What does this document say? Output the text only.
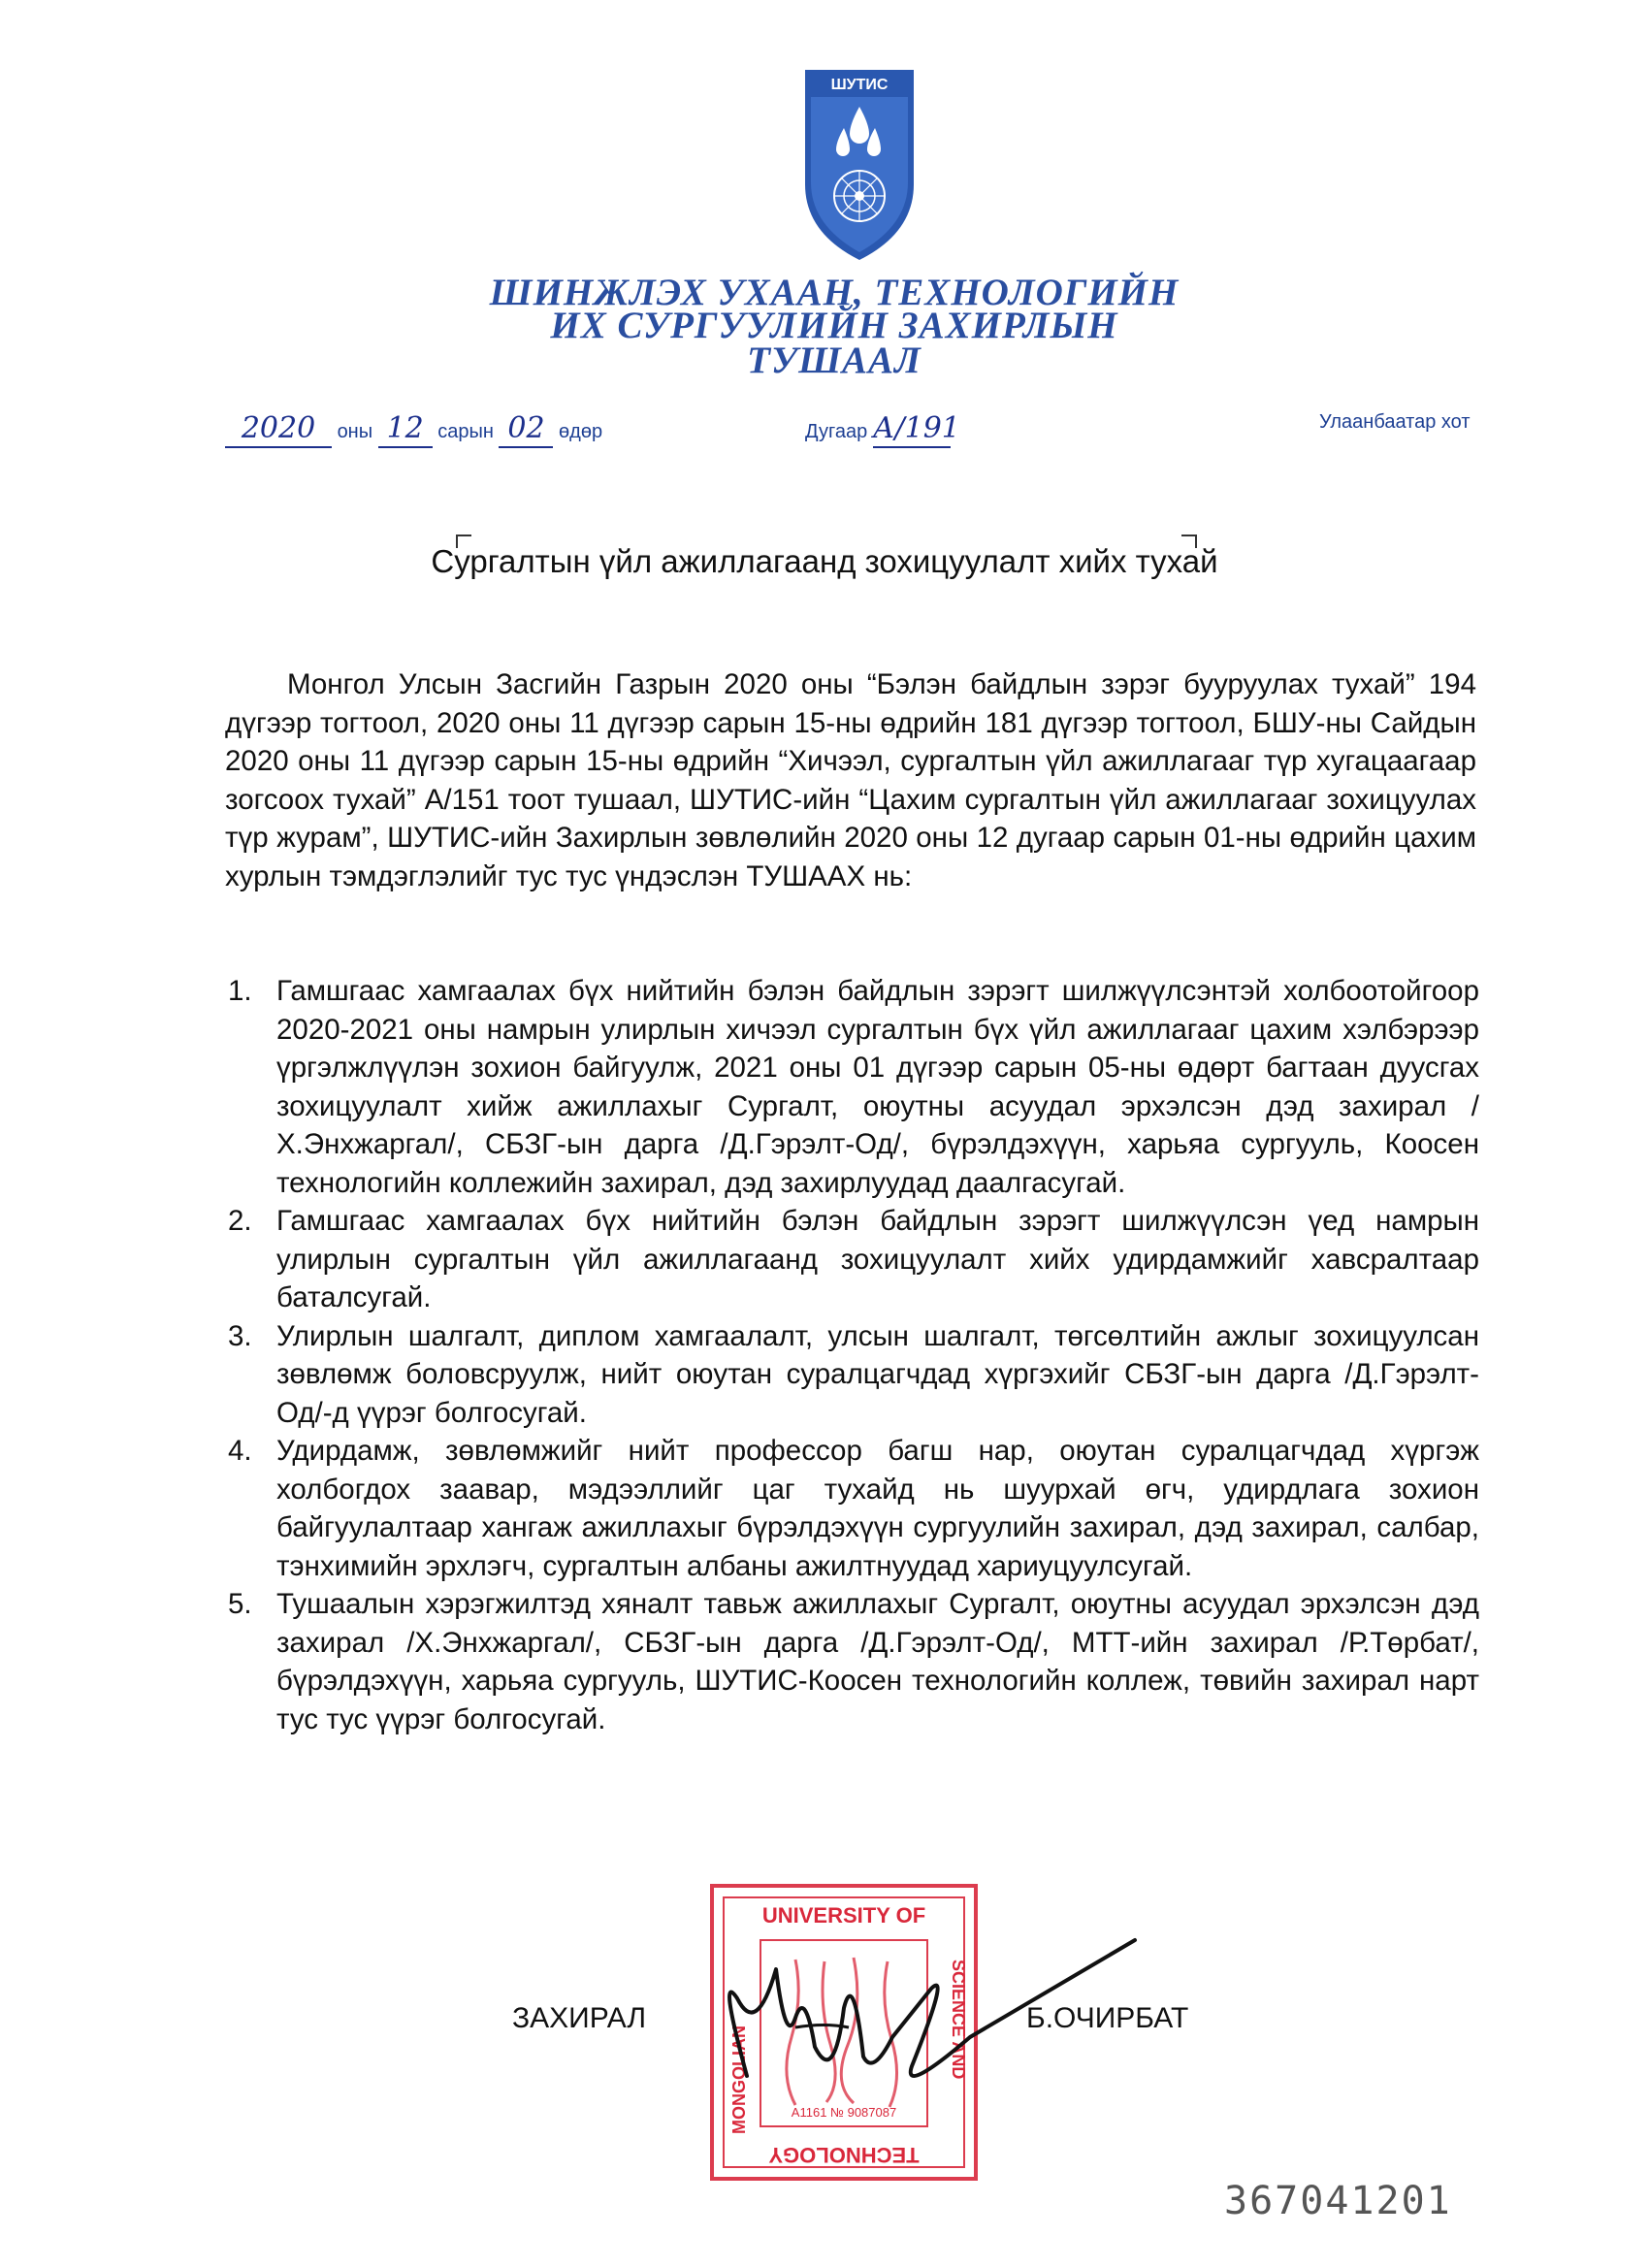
ШУТИС
ШИНЖЛЭХ УХААН, ТЕХНОЛОГИЙН
ИХ СУРГУУЛИЙН ЗАХИРЛЫН
ТУШААЛ
2020 оны 12 сарын 02 өдөр	Дугаар А/191	Улаанбаатар хот
Сургалтын үйл ажиллагаанд зохицуулалт хийх тухай
Монгол Улсын Засгийн Газрын 2020 оны “Бэлэн байдлын зэрэг бууруулах тухай” 194 дүгээр тогтоол, 2020 оны 11 дүгээр сарын 15-ны өдрийн 181 дүгээр тогтоол, БШУ-ны Сайдын 2020 оны 11 дүгээр сарын 15-ны өдрийн “Хичээл, сургалтын үйл ажиллагааг түр хугацаагаар зогсоох тухай” А/151 тоот тушаал, ШУТИС-ийн “Цахим сургалтын үйл ажиллагааг зохицуулах түр журам”, ШУТИС-ийн Захирлын зөвлөлийн 2020 оны 12 дугаар сарын 01-ны өдрийн цахим хурлын тэмдэглэлийг тус тус үндэслэн ТУШААХ нь:
1. Гамшгаас хамгаалах бүх нийтийн бэлэн байдлын зэрэгт шилжүүлсэнтэй холбоотойгоор 2020-2021 оны намрын улирлын хичээл сургалтын бүх үйл ажиллагааг цахим хэлбэрээр үргэлжлүүлэн зохион байгуулж, 2021 оны 01 дүгээр сарын 05-ны өдөрт багтаан дуусгах зохицуулалт хийж ажиллахыг Сургалт, оюутны асуудал эрхэлсэн дэд захирал /Х.Энхжаргал/, СБЗГ-ын дарга /Д.Гэрэлт-Од/, бүрэлдэхүүн, харьяа сургууль, Коосен технологийн коллежийн захирал, дэд захирлуудад даалгасугай.
2. Гамшгаас хамгаалах бүх нийтийн бэлэн байдлын зэрэгт шилжүүлсэн үед намрын улирлын сургалтын үйл ажиллагаанд зохицуулалт хийх удирдамжийг хавсралтаар баталсугай.
3. Улирлын шалгалт, диплом хамгаалалт, улсын шалгалт, төгсөлтийн ажлыг зохицуулсан зөвлөмж боловсруулж, нийт оюутан суралцагчдад хүргэхийг СБЗГ-ын дарга /Д.Гэрэлт-Од/-д үүрэг болгосугай.
4. Удирдамж, зөвлөмжийг нийт профессор багш нар, оюутан суралцагчдад хүргэж холбогдох заавар, мэдээллийг цаг тухайд нь шуурхай өгч, удирдлага зохион байгуулалтаар хангаж ажиллахыг бүрэлдэхүүн сургуулийн захирал, дэд захирал, салбар, тэнхимийн эрхлэгч, сургалтын албаны ажилтнуудад хариуцуулсугай.
5. Тушаалын хэрэгжилтэд хяналт тавьж ажиллахыг Сургалт, оюутны асуудал эрхэлсэн дэд захирал /Х.Энхжаргал/, СБЗГ-ын дарга /Д.Гэрэлт-Од/, МТТ-ийн захирал /Р.Төрбат/, бүрэлдэхүүн, харьяа сургууль, ШУТИС-Коосен технологийн коллеж, төвийн захирал нарт тус тус үүрэг болгосугай.
UNIVERSITY OF
TECHNOLOGY
SCIENCE AND
MONGOLIAN	А1161 № 9087087
ЗАХИРАЛ	Б.ОЧИРБАТ
367041201
